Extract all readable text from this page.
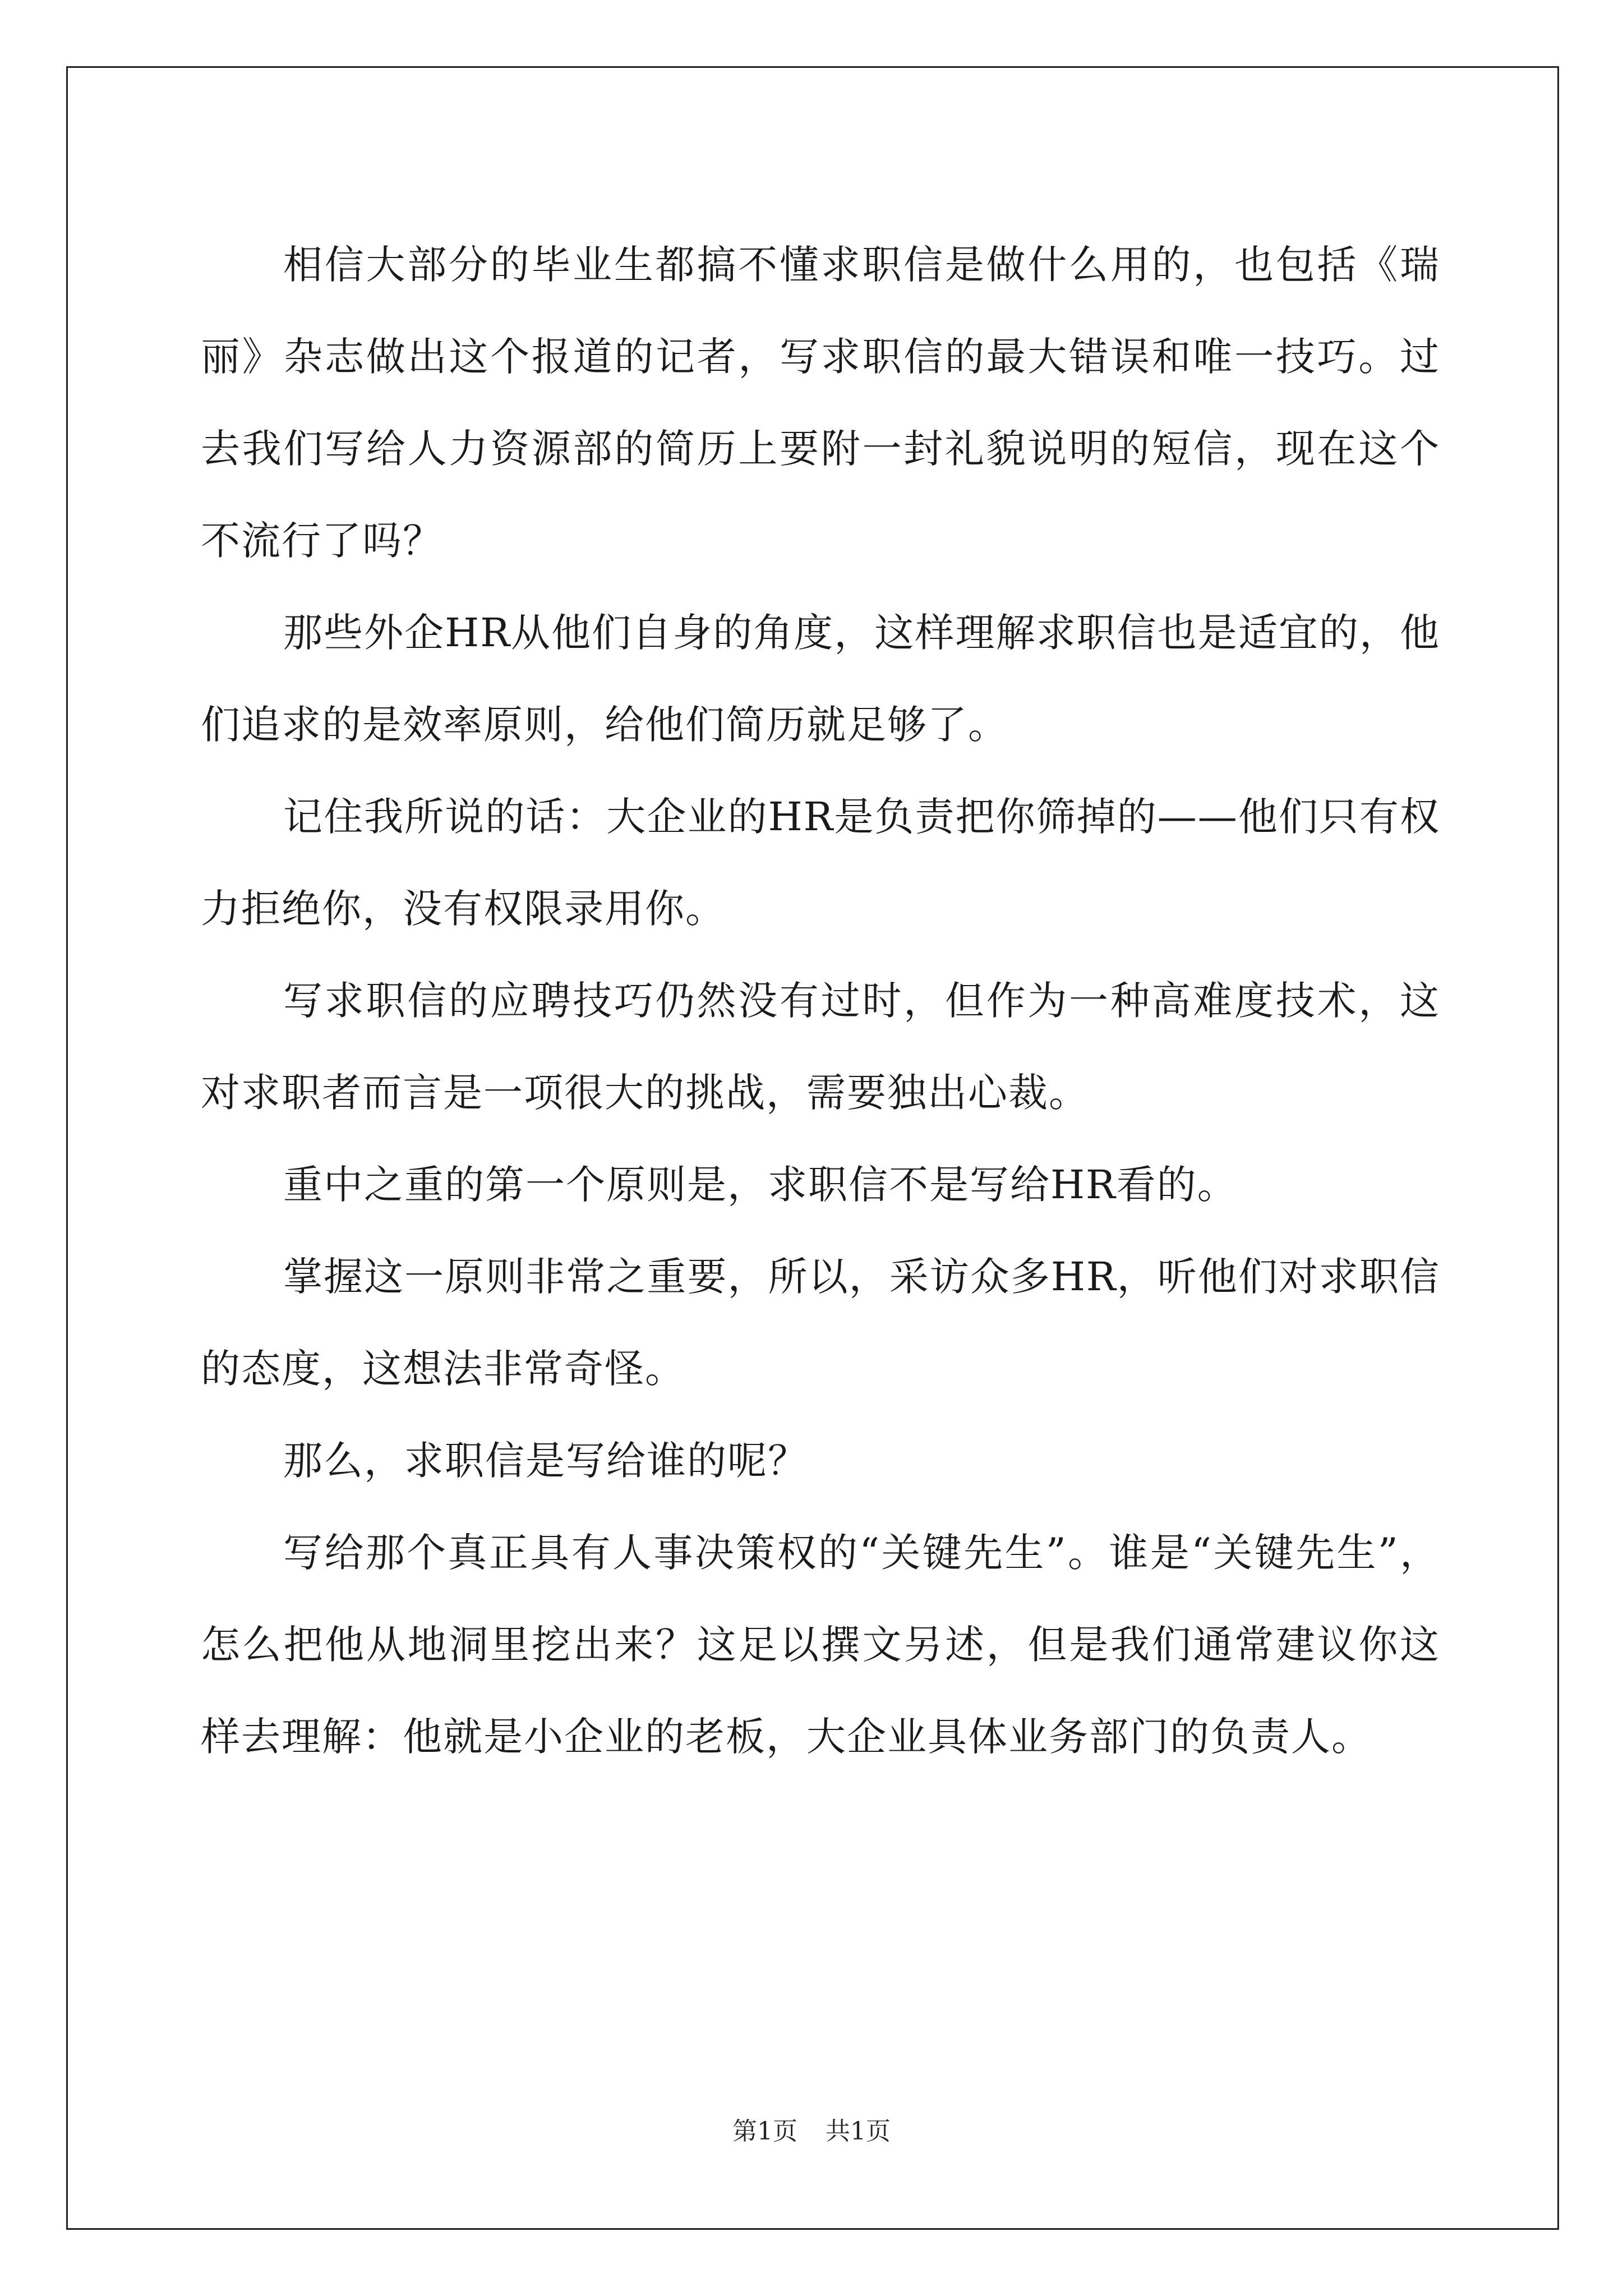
相信大部分的毕业生都搞不懂求职信是做什么用的，也包括《瑞丽》杂志做出这个报道的记者，写求职信的最大错误和唯一技巧。过去我们写给人力资源部的简历上要附一封礼貌说明的短信，现在这个不流行了吗？

那些外企HR从他们自身的角度，这样理解求职信也是适宜的，他们追求的是效率原则，给他们简历就足够了。

记住我所说的话：大企业的HR是负责把你筛掉的——他们只有权力拒绝你，没有权限录用你。

写求职信的应聘技巧仍然没有过时，但作为一种高难度技术，这对求职者而言是一项很大的挑战，需要独出心裁。

重中之重的第一个原则是，求职信不是写给HR看的。

掌握这一原则非常之重要，所以，采访众多HR，听他们对求职信的态度，这想法非常奇怪。

那么，求职信是写给谁的呢？

写给那个真正具有人事决策权的“关键先生”。谁是“关键先生”，怎么把他从地洞里挖出来？这足以撰文另述，但是我们通常建议你这样去理解：他就是小企业的老板，大企业具体业务部门的负责人。

第1页 共1页
